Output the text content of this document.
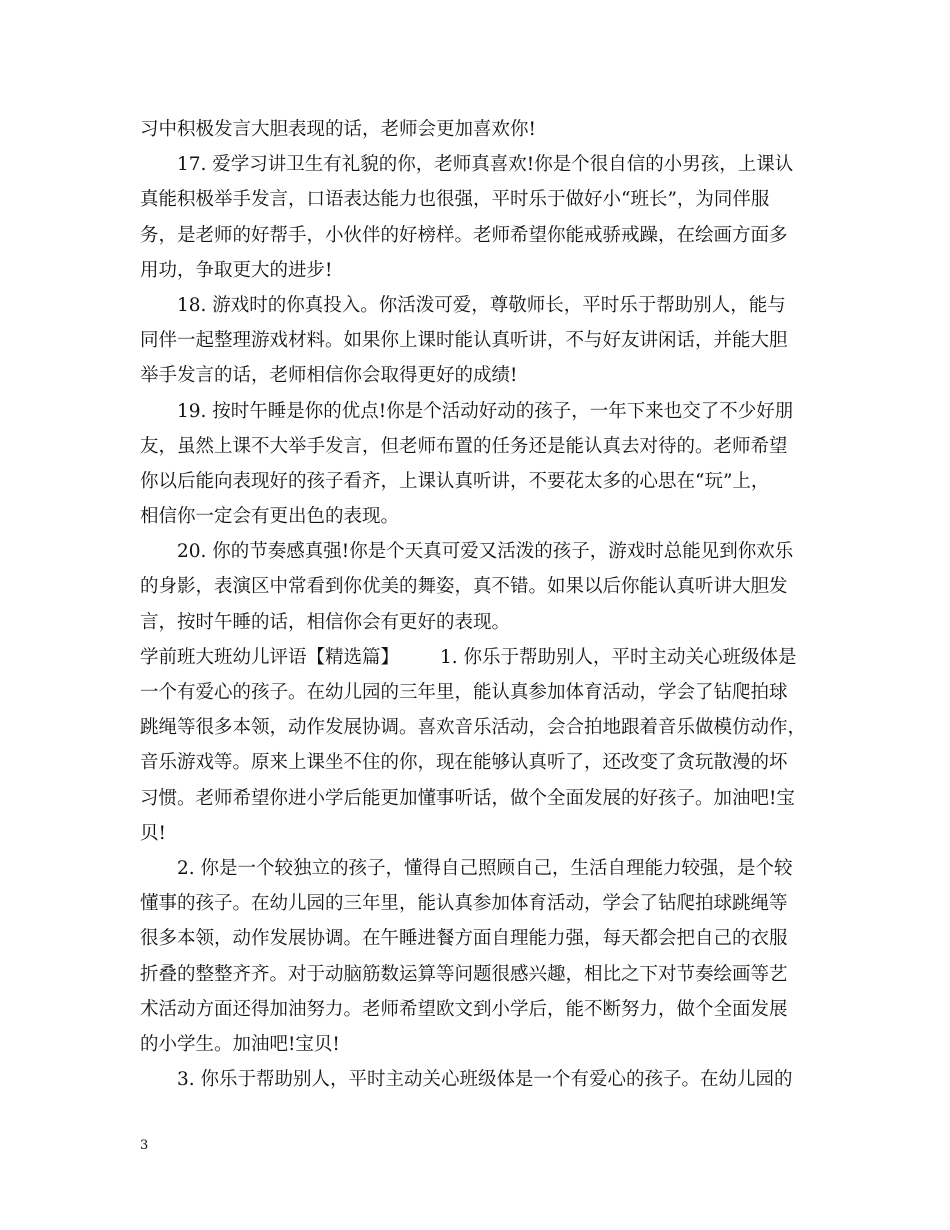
习中积极发言大胆表现的话，老师会更加喜欢你!
17. 爱学习讲卫生有礼貌的你，老师真喜欢!你是个很自信的小男孩，上课认
真能积极举手发言，口语表达能力也很强，平时乐于做好小“班长”，为同伴服
务，是老师的好帮手，小伙伴的好榜样。老师希望你能戒骄戒躁，在绘画方面多
用功，争取更大的进步!
18. 游戏时的你真投入。你活泼可爱，尊敬师长，平时乐于帮助别人，能与
同伴一起整理游戏材料。如果你上课时能认真听讲，不与好友讲闲话，并能大胆
举手发言的话，老师相信你会取得更好的成绩!
19. 按时午睡是你的优点!你是个活动好动的孩子，一年下来也交了不少好朋
友，虽然上课不大举手发言，但老师布置的任务还是能认真去对待的。老师希望
你以后能向表现好的孩子看齐，上课认真听讲，不要花太多的心思在“玩”上，
相信你一定会有更出色的表现。
20. 你的节奏感真强!你是个天真可爱又活泼的孩子，游戏时总能见到你欢乐
的身影，表演区中常看到你优美的舞姿，真不错。如果以后你能认真听讲大胆发
言，按时午睡的话，相信你会有更好的表现。
学前班大班幼儿评语【精选篇】 1. 你乐于帮助别人，平时主动关心班级体是
一个有爱心的孩子。在幼儿园的三年里，能认真参加体育活动，学会了钻爬拍球
跳绳等很多本领，动作发展协调。喜欢音乐活动，会合拍地跟着音乐做模仿动作，
音乐游戏等。原来上课坐不住的你，现在能够认真听了，还改变了贪玩散漫的坏
习惯。老师希望你进小学后能更加懂事听话，做个全面发展的好孩子。加油吧!宝
贝!
2. 你是一个较独立的孩子，懂得自己照顾自己，生活自理能力较强，是个较
懂事的孩子。在幼儿园的三年里，能认真参加体育活动，学会了钻爬拍球跳绳等
很多本领，动作发展协调。在午睡进餐方面自理能力强，每天都会把自己的衣服
折叠的整整齐齐。对于动脑筋数运算等问题很感兴趣，相比之下对节奏绘画等艺
术活动方面还得加油努力。老师希望欧文到小学后，能不断努力，做个全面发展
的小学生。加油吧!宝贝!
3. 你乐于帮助别人，平时主动关心班级体是一个有爱心的孩子。在幼儿园的
3
